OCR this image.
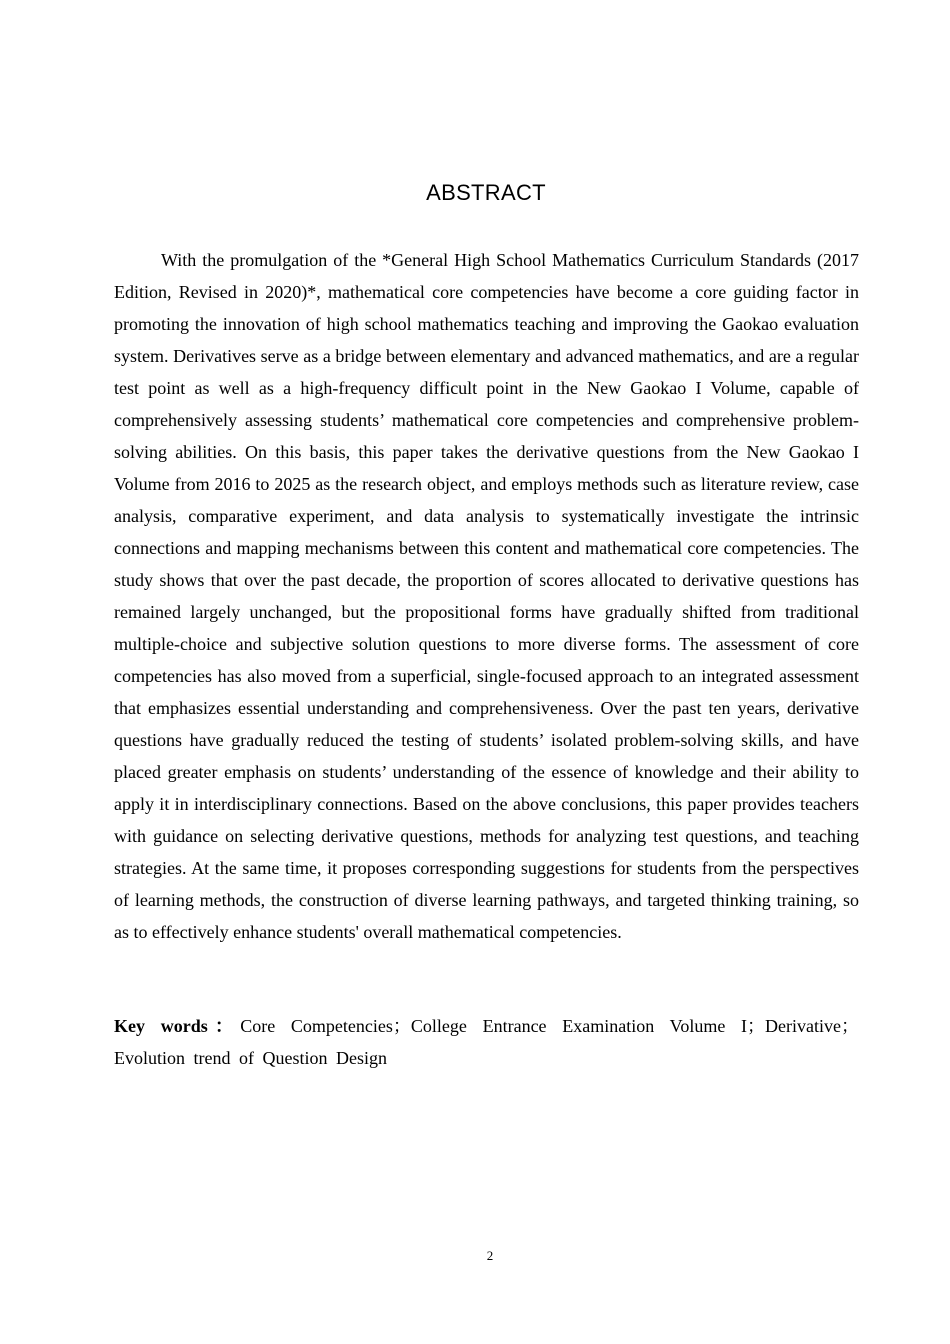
ABSTRACT

With the promulgation of the *General High School Mathematics Curriculum Standards (2017 Edition, Revised in 2020)*, mathematical core competencies have become a core guiding factor in promoting the innovation of high school mathematics teaching and improving the Gaokao evaluation system. Derivatives serve as a bridge between elementary and advanced mathematics, and are a regular test point as well as a high-frequency difficult point in the New Gaokao I Volume, capable of comprehensively assessing students’ mathematical core competencies and comprehensive problem-solving abilities. On this basis, this paper takes the derivative questions from the New Gaokao I Volume from 2016 to 2025 as the research object, and employs methods such as literature review, case analysis, comparative experiment, and data analysis to systematically investigate the intrinsic connections and mapping mechanisms between this content and mathematical core competencies. The study shows that over the past decade, the proportion of scores allocated to derivative questions has remained largely unchanged, but the propositional forms have gradually shifted from traditional multiple-choice and subjective solution questions to more diverse forms. The assessment of core competencies has also moved from a superficial, single-focused approach to an integrated assessment that emphasizes essential understanding and comprehensiveness. Over the past ten years, derivative questions have gradually reduced the testing of students’ isolated problem-solving skills, and have placed greater emphasis on students’ understanding of the essence of knowledge and their ability to apply it in interdisciplinary connections. Based on the above conclusions, this paper provides teachers with guidance on selecting derivative questions, methods for analyzing test questions, and teaching strategies. At the same time, it proposes corresponding suggestions for students from the perspectives of learning methods, the construction of diverse learning pathways, and targeted thinking training, so as to effectively enhance students' overall mathematical competencies.

Key words：Core Competencies；College Entrance Examination Volume I；Derivative；Evolution trend of Question Design

2
